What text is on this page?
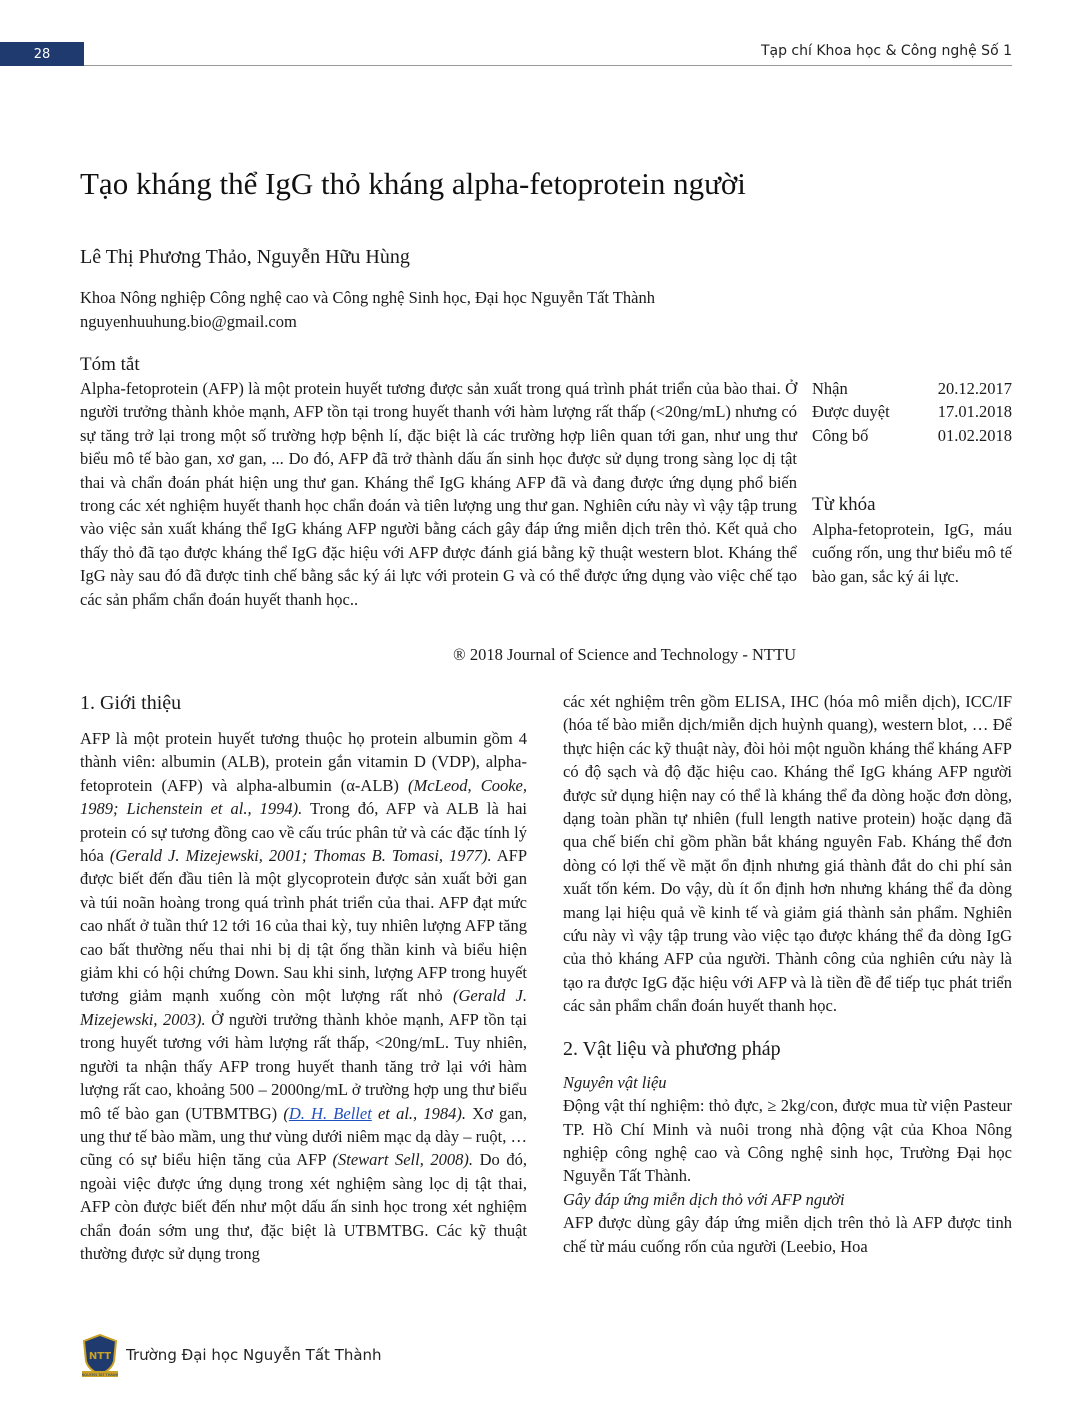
28	Tạp chí Khoa học & Công nghệ Số 1
Tạo kháng thể IgG thỏ kháng alpha-fetoprotein người
Lê Thị Phương Thảo, Nguyễn Hữu Hùng
Khoa Nông nghiệp Công nghệ cao và Công nghệ Sinh học, Đại học Nguyễn Tất Thành
nguyenhuuhung.bio@gmail.com
Tóm tắt
Alpha-fetoprotein (AFP) là một protein huyết tương được sản xuất trong quá trình phát triển của bào thai. Ở người trưởng thành khỏe mạnh, AFP tồn tại trong huyết thanh với hàm lượng rất thấp (<20ng/mL) nhưng có sự tăng trở lại trong một số trường hợp bệnh lí, đặc biệt là các trường hợp liên quan tới gan, như ung thư biểu mô tế bào gan, xơ gan, ... Do đó, AFP đã trở thành dấu ấn sinh học được sử dụng trong sàng lọc dị tật thai và chẩn đoán phát hiện ung thư gan. Kháng thể IgG kháng AFP đã và đang được ứng dụng phổ biến trong các xét nghiệm huyết thanh học chẩn đoán và tiên lượng ung thư gan. Nghiên cứu này vì vậy tập trung vào việc sản xuất kháng thể IgG kháng AFP người bằng cách gây đáp ứng miễn dịch trên thỏ. Kết quả cho thấy thỏ đã tạo được kháng thể IgG đặc hiệu với AFP được đánh giá bằng kỹ thuật western blot. Kháng thể IgG này sau đó đã được tinh chế bằng sắc ký ái lực với protein G và có thể được ứng dụng vào việc chế tạo các sản phẩm chẩn đoán huyết thanh học..
® 2018 Journal of Science and Technology - NTTU
Nhận	20.12.2017
Được duyệt	17.01.2018
Công bố	01.02.2018
Từ khóa
Alpha-fetoprotein, IgG, máu cuống rốn, ung thư biểu mô tế bào gan, sắc ký ái lực.
1. Giới thiệu

AFP là một protein huyết tương thuộc họ protein albumin gồm 4 thành viên: albumin (ALB), protein gắn vitamin D (VDP), alpha-fetoprotein (AFP) và alpha-albumin (α-ALB) (McLeod, Cooke, 1989; Lichenstein et al., 1994). Trong đó, AFP và ALB là hai protein có sự tương đồng cao về cấu trúc phân tử và các đặc tính lý hóa (Gerald J. Mizejewski, 2001; Thomas B. Tomasi, 1977). AFP được biết đến đầu tiên là một glycoprotein được sản xuất bởi gan và túi noãn hoàng trong quá trình phát triển của thai. AFP đạt mức cao nhất ở tuần thứ 12 tới 16 của thai kỳ, tuy nhiên lượng AFP tăng cao bất thường nếu thai nhi bị dị tật ống thần kinh và biểu hiện giảm khi có hội chứng Down. Sau khi sinh, lượng AFP trong huyết tương giảm mạnh xuống còn một lượng rất nhỏ (Gerald J. Mizejewski, 2003). Ở người trưởng thành khỏe mạnh, AFP tồn tại trong huyết tương với hàm lượng rất thấp, <20ng/mL. Tuy nhiên, người ta nhận thấy AFP trong huyết thanh tăng trở lại với hàm lượng rất cao, khoảng 500 – 2000ng/mL ở trường hợp ung thư biểu mô tế bào gan (UTBMTBG) (D. H. Bellet et al., 1984). Xơ gan, ung thư tế bào mầm, ung thư vùng dưới niêm mạc dạ dày – ruột, … cũng có sự biểu hiện tăng của AFP (Stewart Sell, 2008). Do đó, ngoài việc được ứng dụng trong xét nghiệm sàng lọc dị tật thai, AFP còn được biết đến như một dấu ấn sinh học trong xét nghiệm chẩn đoán sớm ung thư, đặc biệt là UTBMTBG. Các kỹ thuật thường được sử dụng trong

các xét nghiệm trên gồm ELISA, IHC (hóa mô miễn dịch), ICC/IF (hóa tế bào miễn dịch/miễn dịch huỳnh quang), western blot, … Để thực hiện các kỹ thuật này, đòi hỏi một nguồn kháng thể kháng AFP có độ sạch và độ đặc hiệu cao. Kháng thể IgG kháng AFP người được sử dụng hiện nay có thể là kháng thể đa dòng hoặc đơn dòng, dạng toàn phần tự nhiên (full length native protein) hoặc dạng đã qua chế biến chỉ gồm phần bắt kháng nguyên Fab. Kháng thể đơn dòng có lợi thế về mặt ổn định nhưng giá thành đắt do chi phí sản xuất tốn kém. Do vậy, dù ít ổn định hơn nhưng kháng thể đa dòng mang lại hiệu quả về kinh tế và giảm giá thành sản phẩm. Nghiên cứu này vì vậy tập trung vào việc tạo được kháng thể đa dòng IgG của thỏ kháng AFP của người. Thành công của nghiên cứu này là tạo ra được IgG đặc hiệu với AFP và là tiền đề để tiếp tục phát triển các sản phẩm chẩn đoán huyết thanh học.

2. Vật liệu và phương pháp
Nguyên vật liệu

Động vật thí nghiệm: thỏ đực, ≥ 2kg/con, được mua từ viện Pasteur TP. Hồ Chí Minh và nuôi trong nhà động vật của Khoa Nông nghiệp công nghệ cao và Công nghệ sinh học, Trường Đại học Nguyễn Tất Thành.

Gây đáp ứng miễn dịch thỏ với AFP người

AFP được dùng gây đáp ứng miễn dịch trên thỏ là AFP được tinh chế từ máu cuống rốn của người (Leebio, Hoa

NTT
NGUYEN TAT THANH
Trường Đại học Nguyễn Tất Thành
